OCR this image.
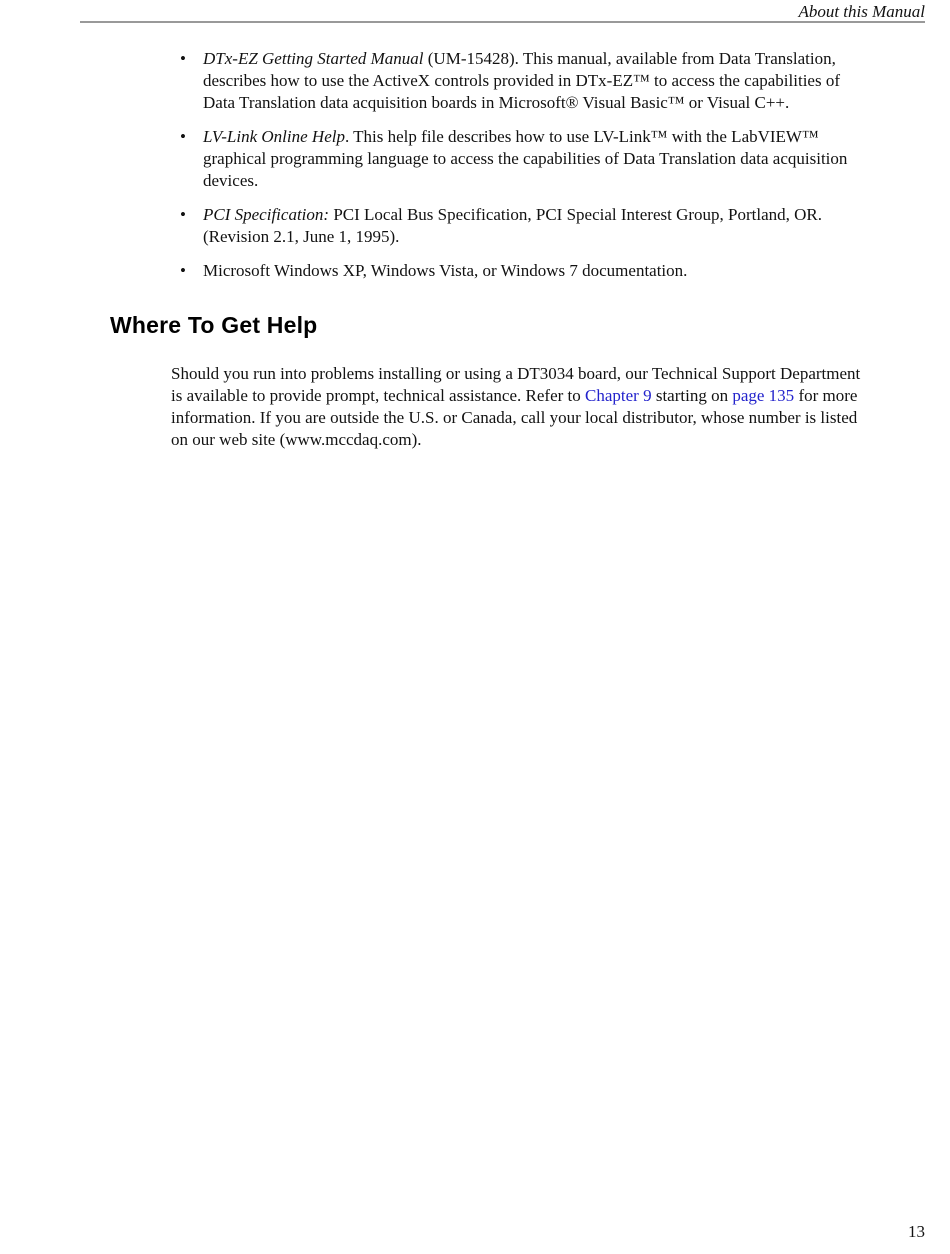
About this Manual
• DTx-EZ Getting Started Manual (UM-15428). This manual, available from Data Translation, describes how to use the ActiveX controls provided in DTx-EZ™ to access the capabilities of Data Translation data acquisition boards in Microsoft® Visual Basic™ or Visual C++.
• LV-Link Online Help. This help file describes how to use LV-Link™ with the LabVIEW™ graphical programming language to access the capabilities of Data Translation data acquisition devices.
• PCI Specification: PCI Local Bus Specification, PCI Special Interest Group, Portland, OR. (Revision 2.1, June 1, 1995).
• Microsoft Windows XP, Windows Vista, or Windows 7 documentation.
Where To Get Help
Should you run into problems installing or using a DT3034 board, our Technical Support Department is available to provide prompt, technical assistance. Refer to Chapter 9 starting on page 135 for more information. If you are outside the U.S. or Canada, call your local distributor, whose number is listed on our web site (www.mccdaq.com).
13
